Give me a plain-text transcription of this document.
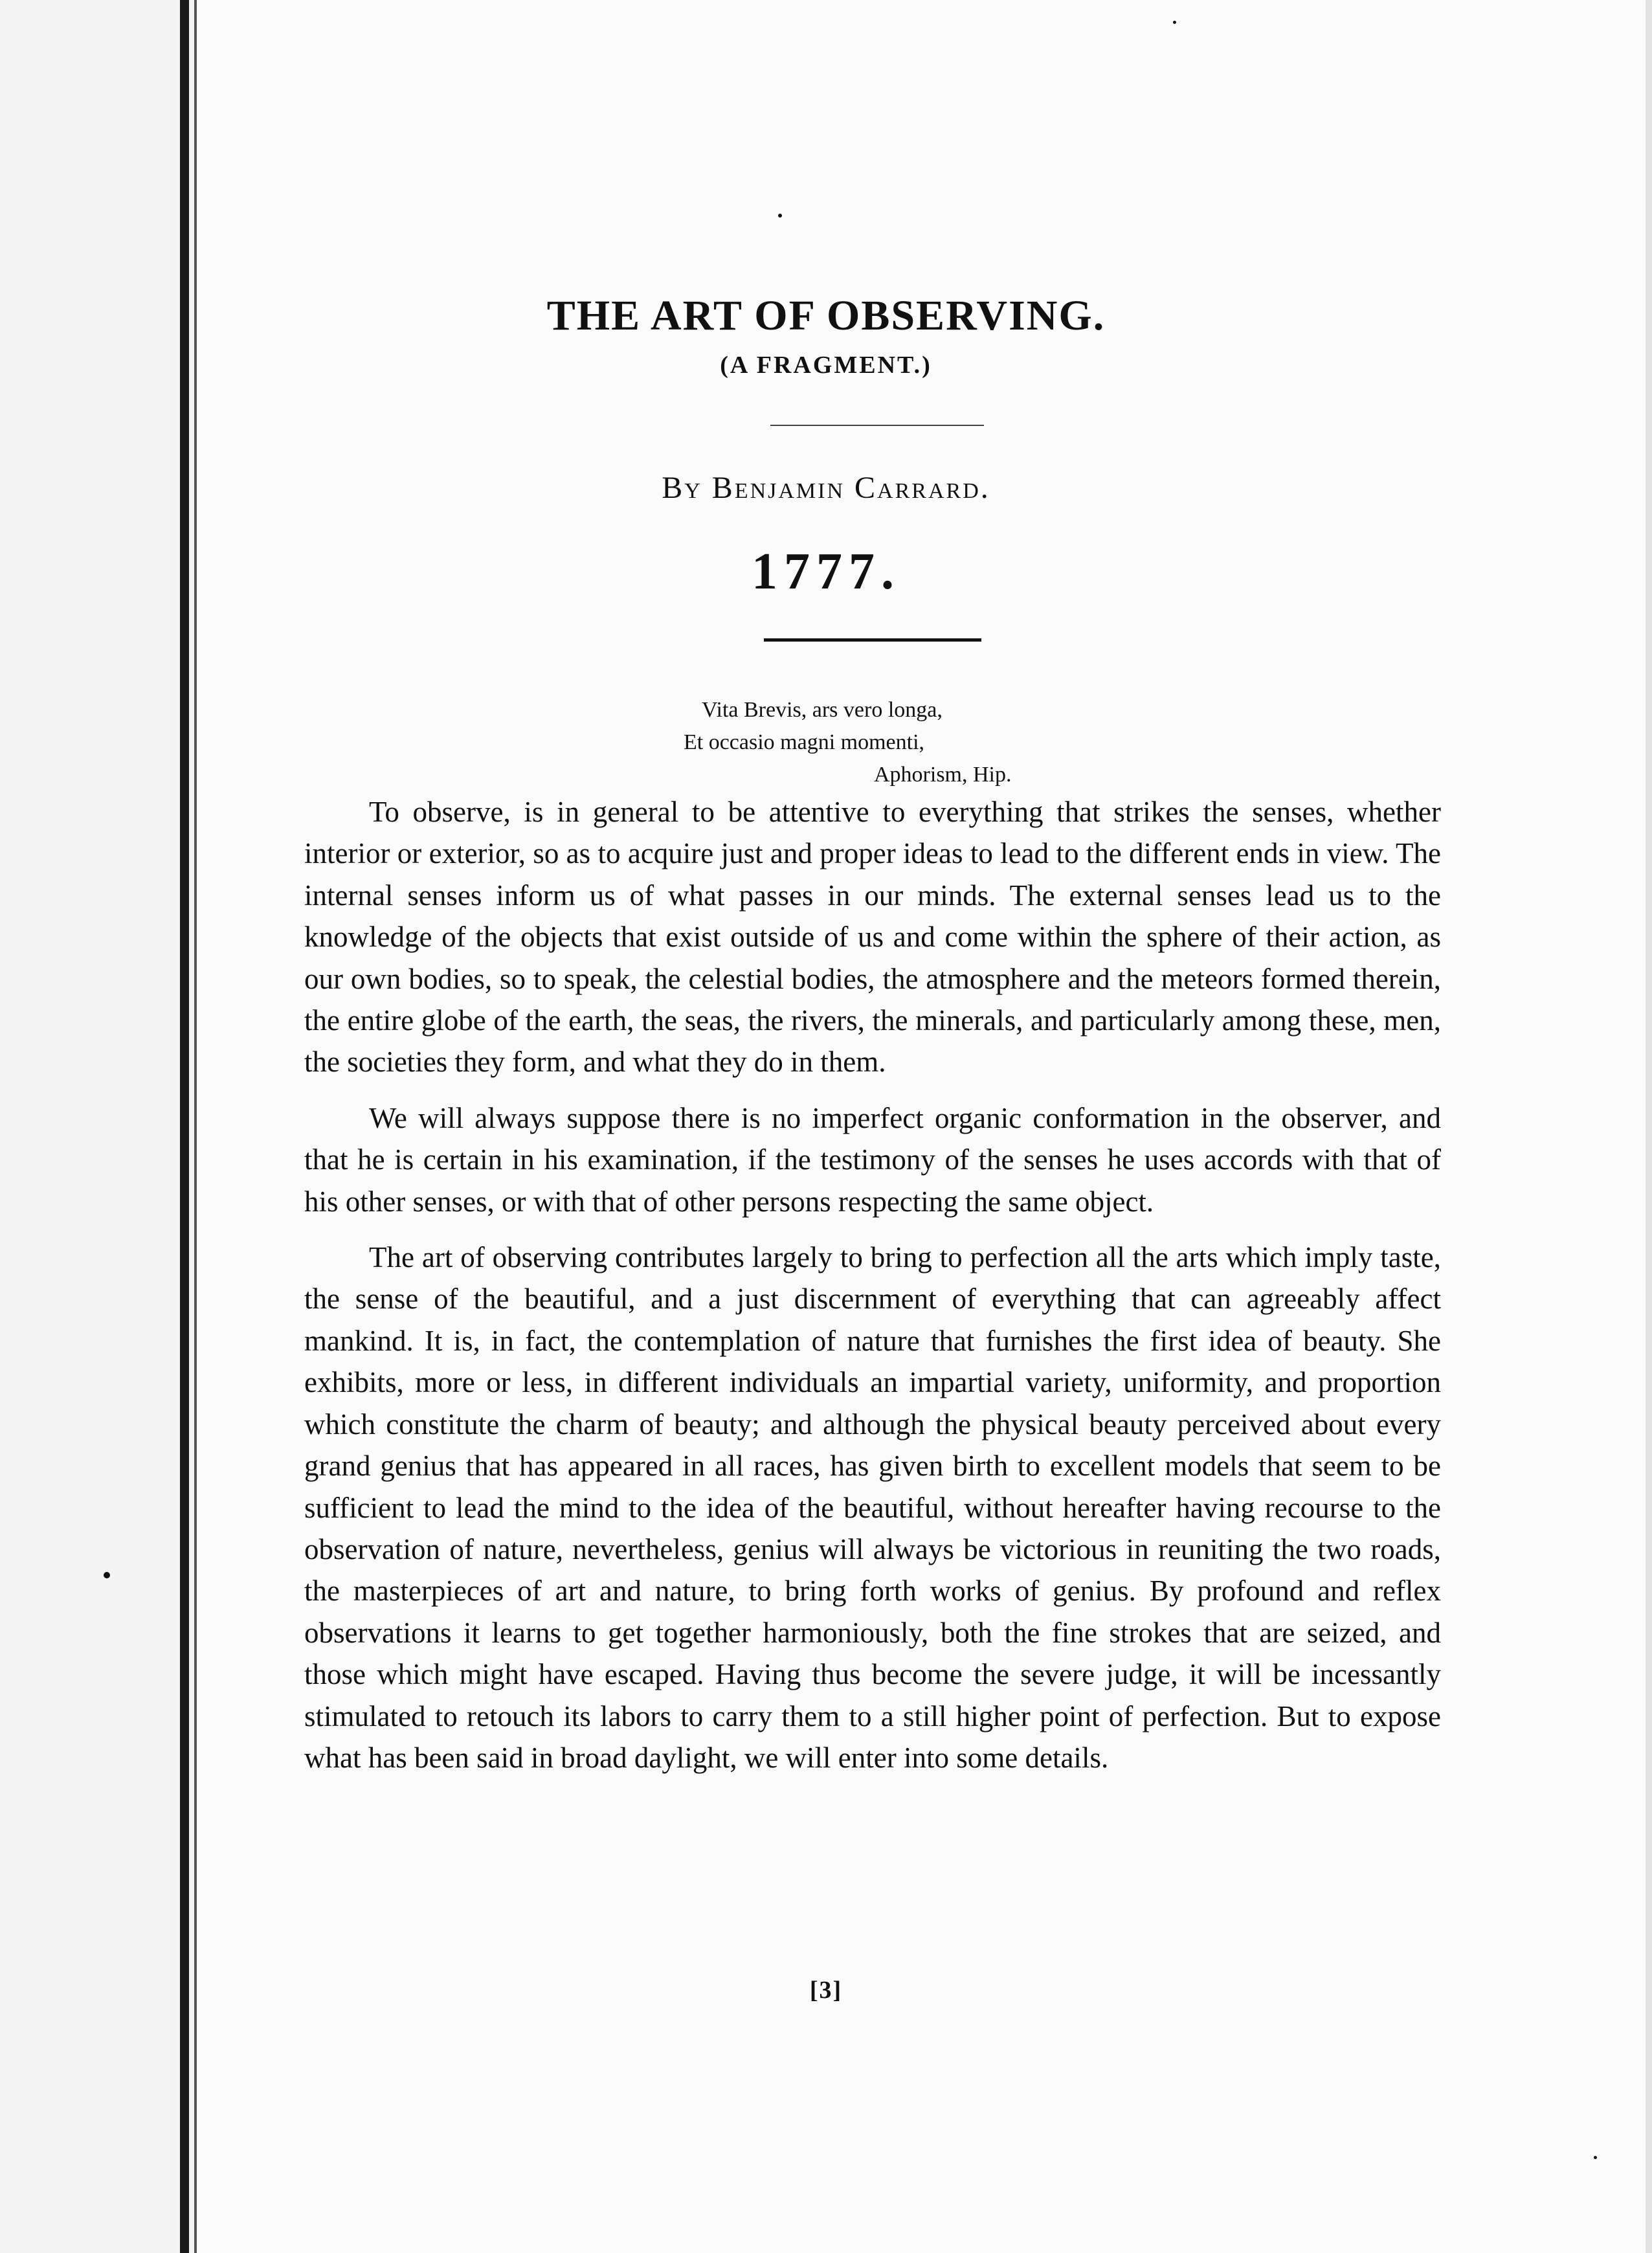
THE ART OF OBSERVING.
(A FRAGMENT.)
By Benjamin Carrard.
1777.
Vita Brevis, ars vero longa,
Et occasio magni momenti,
Aphorism, Hip.

To observe, is in general to be attentive to everything that strikes the senses, whether interior or exterior, so as to acquire just and proper ideas to lead to the different ends in view. The internal senses inform us of what passes in our minds. The external senses lead us to the knowledge of the objects that exist outside of us and come within the sphere of their action, as our own bodies, so to speak, the celestial bodies, the atmosphere and the meteors formed therein, the entire globe of the earth, the seas, the rivers, the minerals, and particularly among these, men, the societies they form, and what they do in them.

We will always suppose there is no imperfect organic conformation in the observer, and that he is certain in his examination, if the testimony of the senses he uses accords with that of his other senses, or with that of other persons respecting the same object.

The art of observing contributes largely to bring to perfection all the arts which imply taste, the sense of the beautiful, and a just discernment of everything that can agreeably affect mankind. It is, in fact, the contemplation of nature that furnishes the first idea of beauty. She exhibits, more or less, in different individuals an impartial variety, uniformity, and proportion which constitute the charm of beauty; and although the physical beauty perceived about every grand genius that has appeared in all races, has given birth to excellent models that seem to be sufficient to lead the mind to the idea of the beautiful, without hereafter having recourse to the observation of nature, nevertheless, genius will always be victorious in reuniting the two roads, the masterpieces of art and nature, to bring forth works of genius. By profound and reflex observations it learns to get together harmoniously, both the fine strokes that are seized, and those which might have escaped. Having thus become the severe judge, it will be incessantly stimulated to retouch its labors to carry them to a still higher point of perfection. But to expose what has been said in broad daylight, we will enter into some details.

[3]
